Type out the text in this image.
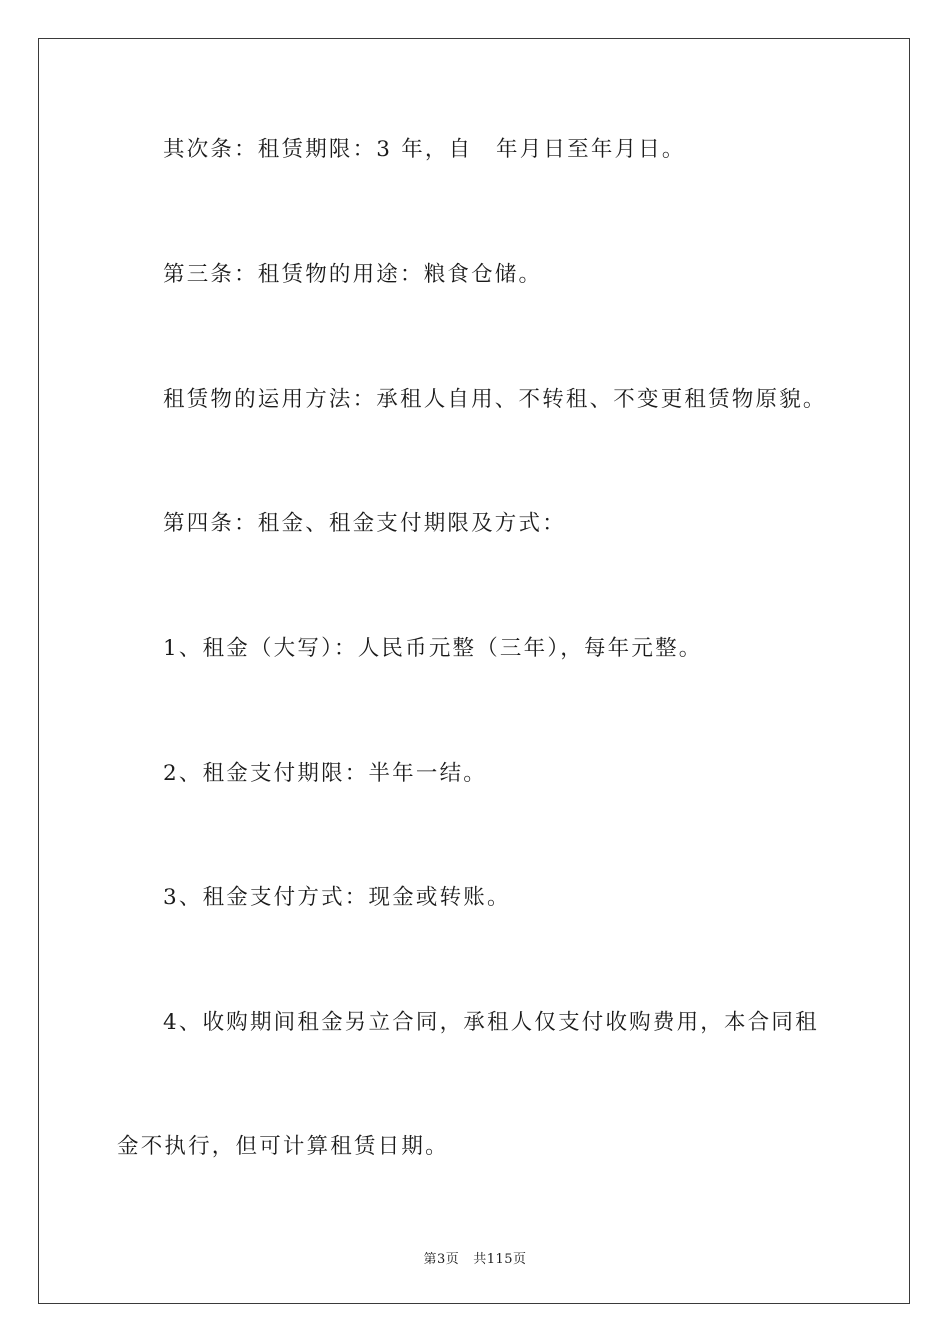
其次条：租赁期限：3 年，自　年月日至年月日。
第三条：租赁物的用途：粮食仓储。
租赁物的运用方法：承租人自用、不转租、不变更租赁物原貌。
第四条：租金、租金支付期限及方式：
1、租金（大写）：人民币元整（三年），每年元整。
2、租金支付期限：半年一结。
3、租金支付方式：现金或转账。
4、收购期间租金另立合同，承租人仅支付收购费用，本合同租
金不执行，但可计算租赁日期。
第3页 共115页
